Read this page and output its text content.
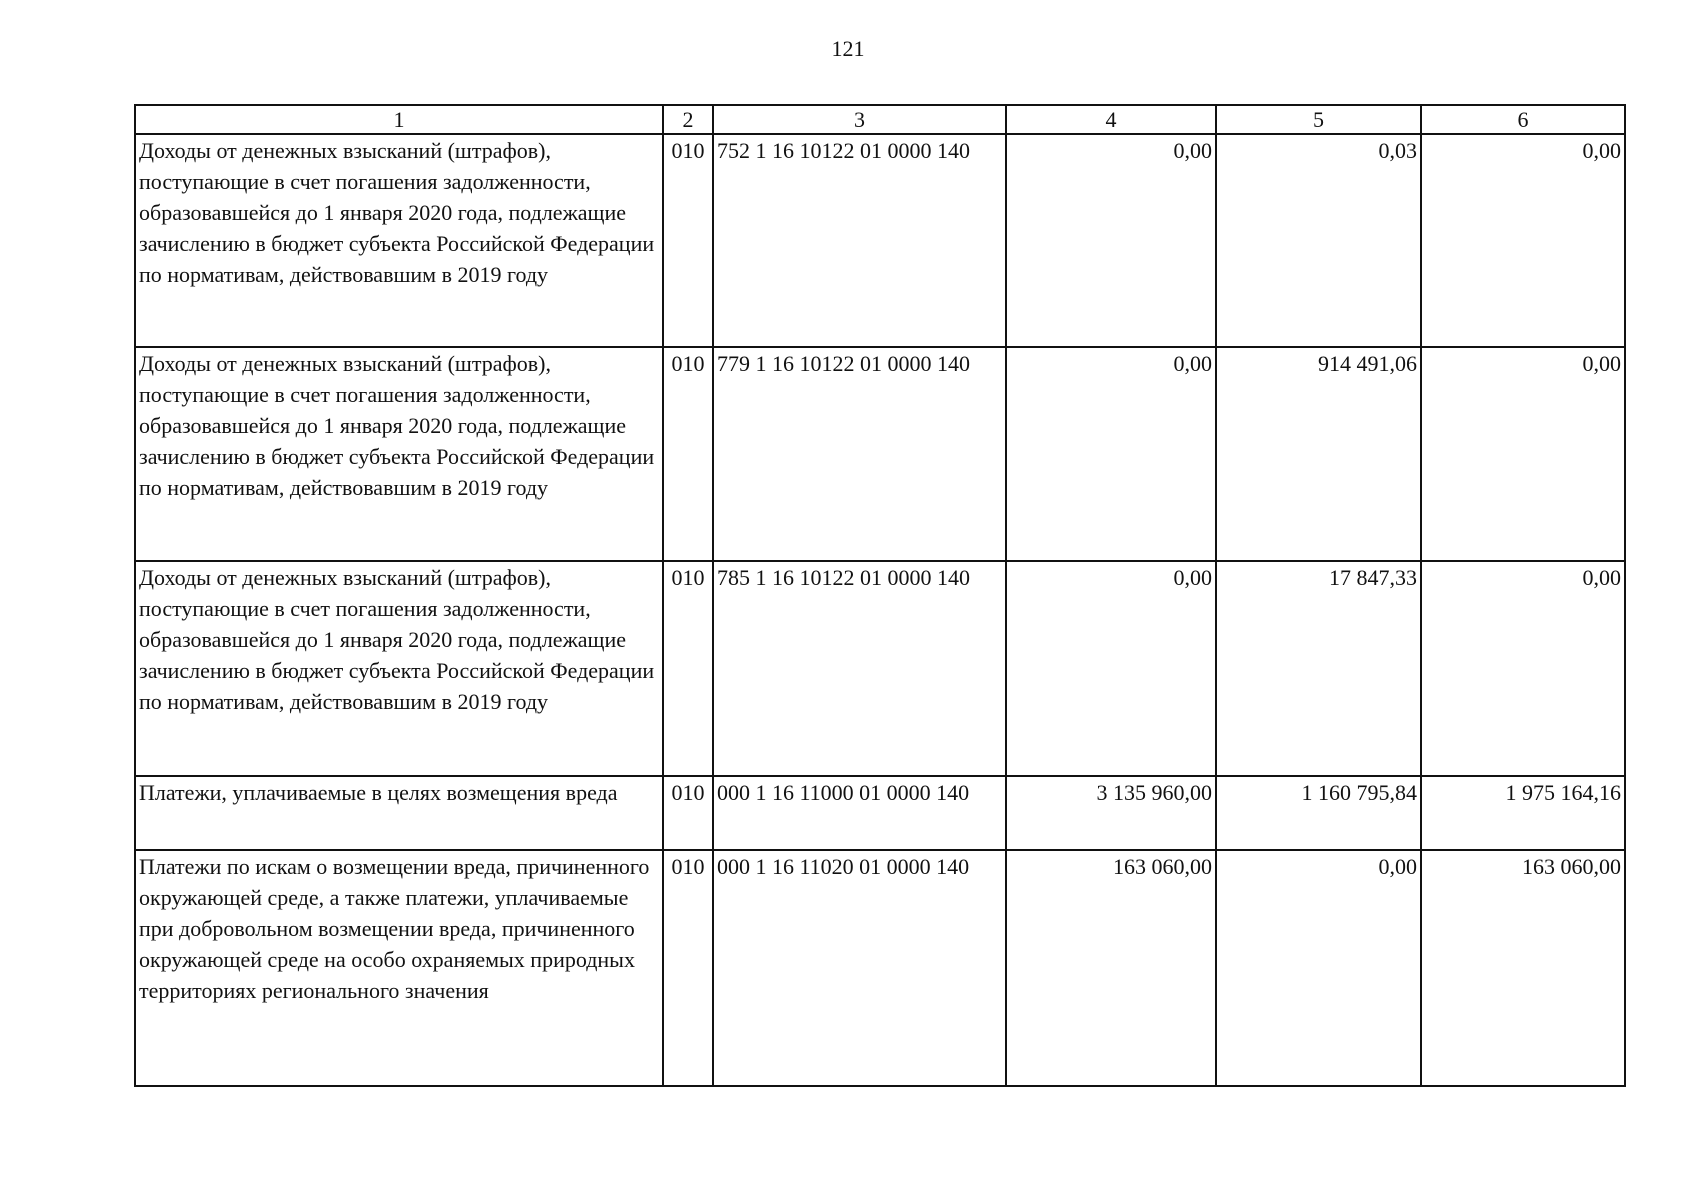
121
1	2	3	4	5	6
Доходы от денежных взысканий (штрафов), поступающие в счет погашения задолженности, образовавшейся до 1 января 2020 года, подлежащие зачислению в бюджет субъекта Российской Федерации по нормативам, действовавшим в 2019 году	010	752 1 16 10122 01 0000 140	0,00	0,03	0,00
Доходы от денежных взысканий (штрафов), поступающие в счет погашения задолженности, образовавшейся до 1 января 2020 года, подлежащие зачислению в бюджет субъекта Российской Федерации по нормативам, действовавшим в 2019 году	010	779 1 16 10122 01 0000 140	0,00	914 491,06	0,00
Доходы от денежных взысканий (штрафов), поступающие в счет погашения задолженности, образовавшейся до 1 января 2020 года, подлежащие зачислению в бюджет субъекта Российской Федерации по нормативам, действовавшим в 2019 году	010	785 1 16 10122 01 0000 140	0,00	17 847,33	0,00
Платежи, уплачиваемые в целях возмещения вреда	010	000 1 16 11000 01 0000 140	3 135 960,00	1 160 795,84	1 975 164,16
Платежи по искам о возмещении вреда, причиненного окружающей среде, а также платежи, уплачиваемые при добровольном возмещении вреда, причиненного окружающей среде на особо охраняемых природных территориях регионального значения	010	000 1 16 11020 01 0000 140	163 060,00	0,00	163 060,00
